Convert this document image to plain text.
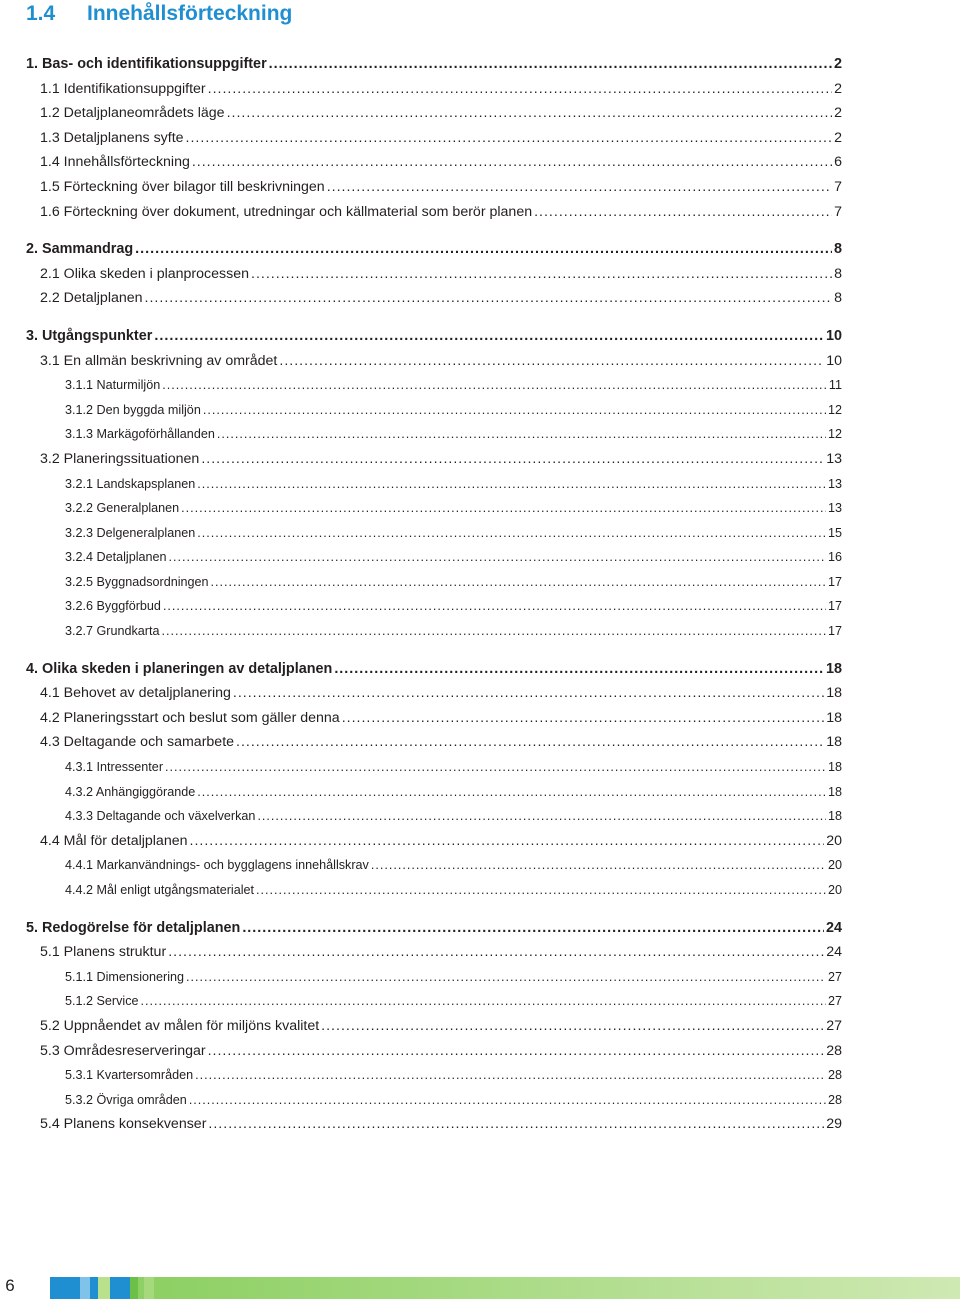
1.4 Innehållsförteckning
1. Bas- och identifikationsuppgifter .....	2
1.1 Identifikationsuppgifter .....	2
1.2 Detaljplaneområdets läge .....	2
1.3 Detaljplanens syfte .....	2
1.4 Innehållsförteckning .....	6
1.5 Förteckning över bilagor till beskrivningen .....	7
1.6 Förteckning över dokument, utredningar och källmaterial som berör planen .....	7
2. Sammandrag .....	8
2.1 Olika skeden i planprocessen .....	8
2.2 Detaljplanen .....	8
3. Utgångspunkter .....	10
3.1 En allmän beskrivning av området .....	10
3.1.1 Naturmiljön .....	11
3.1.2 Den byggda miljön .....	12
3.1.3 Markägoförhållanden .....	12
3.2 Planeringssituationen .....	13
3.2.1 Landskapsplanen .....	13
3.2.2 Generalplanen .....	13
3.2.3 Delgeneralplanen .....	15
3.2.4 Detaljplanen .....	16
3.2.5 Byggnadsordningen .....	17
3.2.6 Byggförbud .....	17
3.2.7 Grundkarta .....	17
4. Olika skeden i planeringen av detaljplanen .....	18
4.1 Behovet av detaljplanering .....	18
4.2 Planeringsstart och beslut som gäller denna .....	18
4.3 Deltagande och samarbete .....	18
4.3.1 Intressenter .....	18
4.3.2 Anhängiggörande .....	18
4.3.3 Deltagande och växelverkan .....	18
4.4 Mål för detaljplanen .....	20
4.4.1 Markanvändnings- och bygglagens innehållskrav .....	20
4.4.2 Mål enligt utgångsmaterialet .....	20
5. Redogörelse för detaljplanen .....	24
5.1 Planens struktur .....	24
5.1.1 Dimensionering .....	27
5.1.2 Service .....	27
5.2 Uppnåendet av målen för miljöns kvalitet .....	27
5.3 Områdesreserveringar .....	28
5.3.1 Kvartersområden .....	28
5.3.2 Övriga områden .....	28
5.4 Planens konsekvenser .....	29
6
